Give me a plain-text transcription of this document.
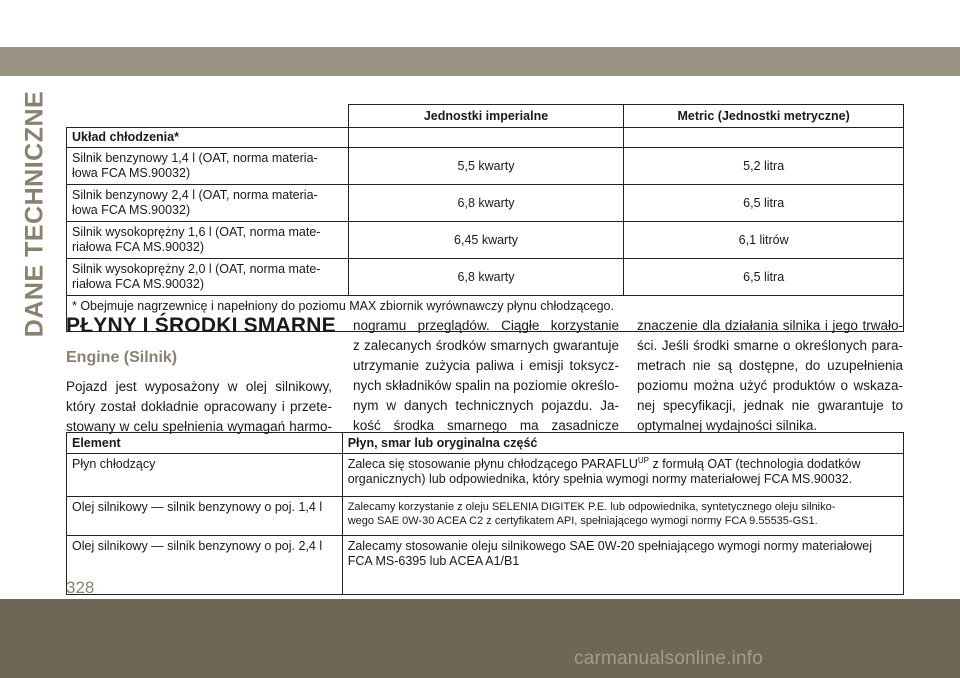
DANE TECHNICZNE
		Jednostki imperialne	Metric (Jednostki metryczne)
Układ chłodzenia*		
Silnik benzynowy 1,4 l (OAT, norma materia-
łowa FCA MS.90032)	5,5 kwarty	5,2 litra
Silnik benzynowy 2,4 l (OAT, norma materia-
łowa FCA MS.90032)	6,8 kwarty	6,5 litra
Silnik wysokoprężny 1,6 l (OAT, norma mate-
riałowa FCA MS.90032)	6,45 kwarty	6,1 litrów
Silnik wysokoprężny 2,0 l (OAT, norma mate-
riałowa FCA MS.90032)	6,8 kwarty	6,5 litra
* Obejmuje nagrzewnicę i napełniony do poziomu MAX zbiornik wyrównawczy płynu chłodzącego.		
PŁYNY I ŚRODKI SMARNE
Engine (Silnik)
Pojazd jest wyposażony w olej silnikowy,
który został dokładnie opracowany i przete-
stowany w celu spełnienia wymagań harmo-
nogramu przeglądów. Ciągłe korzystanie
z zalecanych środków smarnych gwarantuje
utrzymanie zużycia paliwa i emisji toksycz-
nych składników spalin na poziomie określo-
nym w danych technicznych pojazdu. Ja-
kość środka smarnego ma zasadnicze
znaczenie dla działania silnika i jego trwało-
ści. Jeśli środki smarne o określonych para-
metrach nie są dostępne, do uzupełnienia
poziomu można użyć produktów o wskaza-
nej specyfikacji, jednak nie gwarantuje to
optymalnej wydajności silnika.
Element	Płyn, smar lub oryginalna część
Płyn chłodzący	Zaleca się stosowanie płynu chłodzącego $PARAFLU^{UP}$ z formułą OAT (technologia dodatków
organicznych) lub odpowiednika, który spełnia wymogi normy materiałowej FCA MS.90032.
Olej silnikowy — silnik benzynowy o poj. 1,4 l	Zalecamy korzystanie z oleju SELENIA DIGITEK P.E. lub odpowiednika, syntetycznego oleju silniko-
wego SAE 0W-30 ACEA C2 z certyfikatem API, spełniającego wymogi normy FCA 9.55535-GS1.
Olej silnikowy — silnik benzynowy o poj. 2,4 l	Zalecamy stosowanie oleju silnikowego SAE 0W-20 spełniającego wymogi normy materiałowej
FCA MS-6395 lub ACEA A1/B1
328
carmanualsonline.info
